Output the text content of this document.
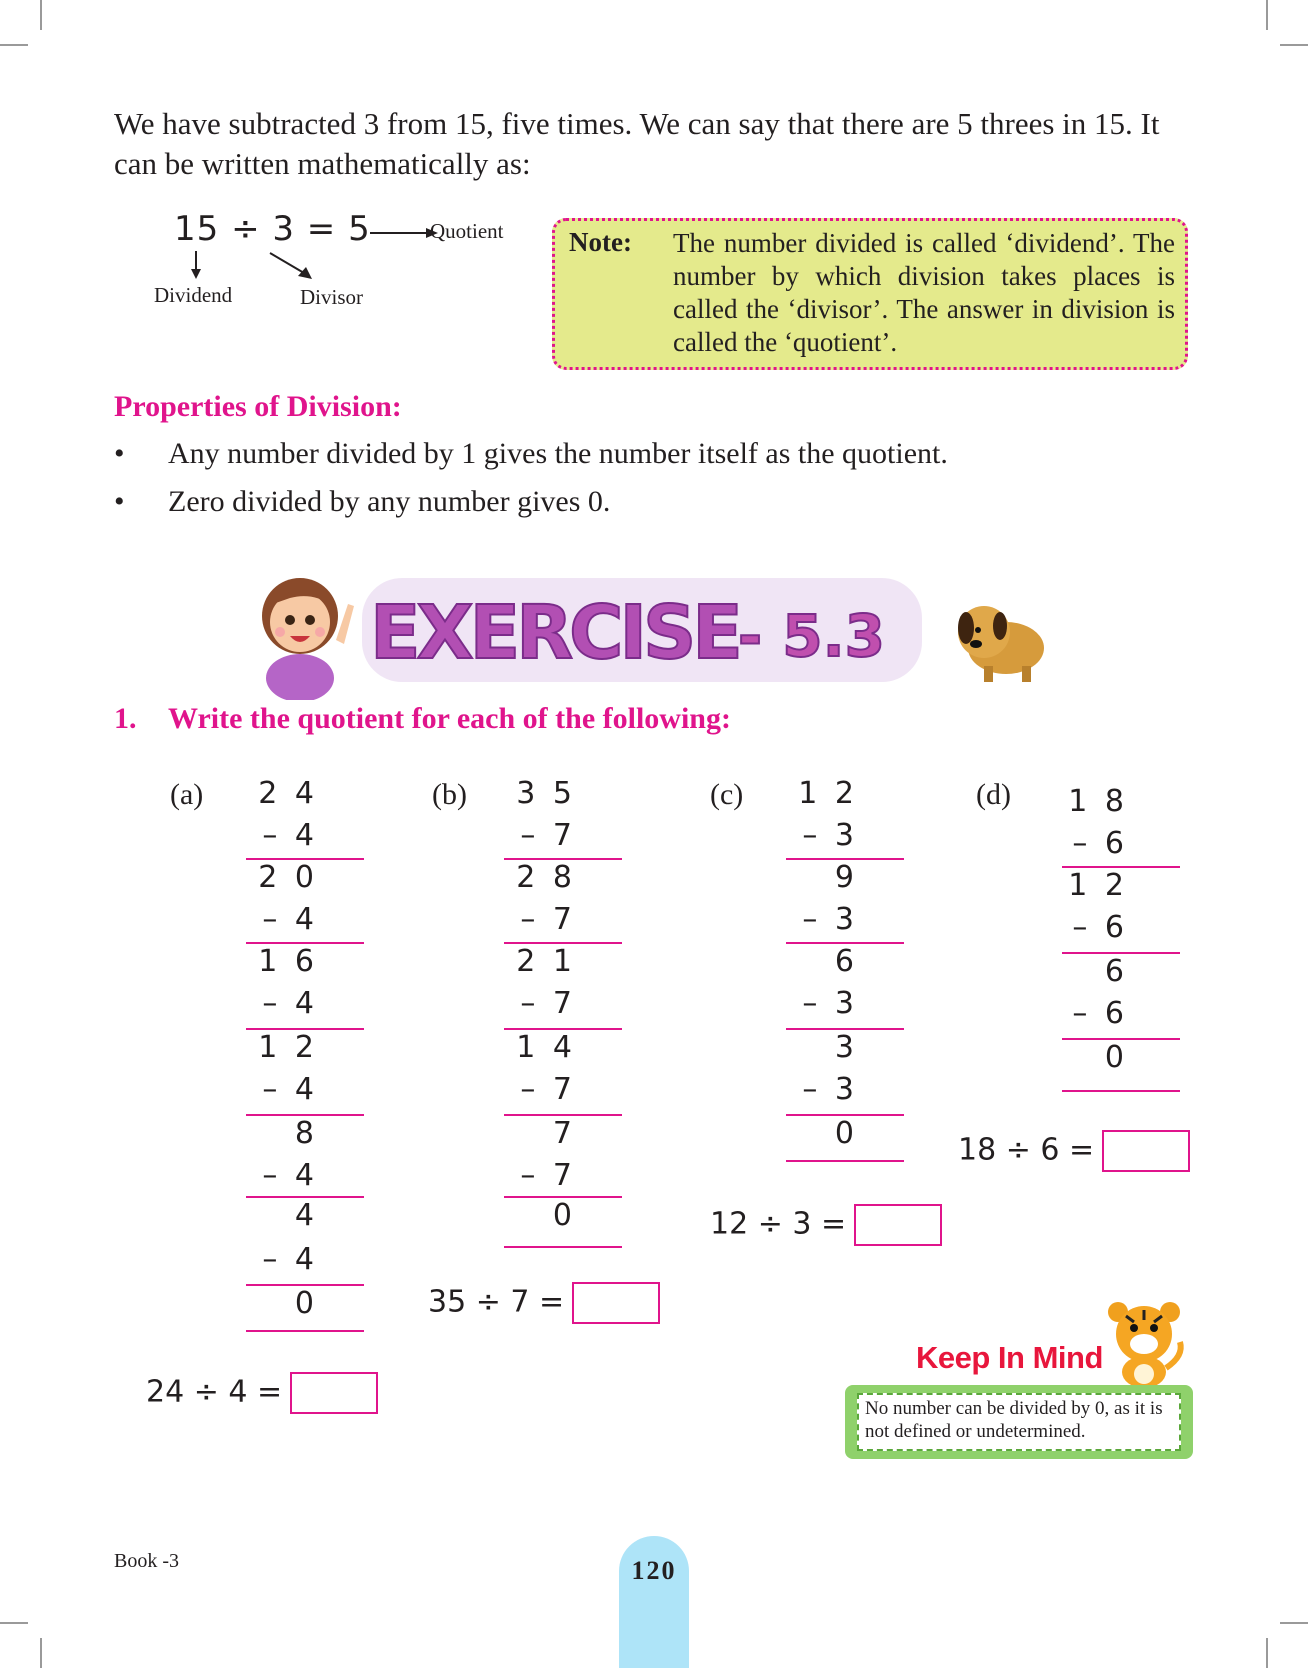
We have subtracted 3 from 15, five times. We can say that there are 5 threes in 15. It can be written mathematically as:

15 ÷ 3 = 5	Quotient
Dividend	Divisor
Note: The number divided is called ‘dividend’. The number by which division takes places is called the ‘divisor’. The answer in division is called the ‘quotient’.
Properties of Division:
• Any number divided by 1 gives the number itself as the quotient.
• Zero divided by any number gives 0.
EXERCISE - 5.3
1. Write the quotient for each of the following:
(a)	2 4
– 4
2 0
– 4
1 6
– 4
1 2
– 4
8
– 4
4
– 4
0
24 ÷ 4 =
(b)	3 5
– 7
2 8
– 7
2 1
– 7
1 4
– 7
7
– 7
0
35 ÷ 7 =
(c)	1 2
– 3
9
– 3
6
– 3
3
– 3
0
12 ÷ 3 =
(d)	1 8
– 6
1 2
– 6
6
– 6
0
18 ÷ 6 =
Keep In Mind
No number can be divided by 0, as it is not defined or undetermined.
Book -3	120
